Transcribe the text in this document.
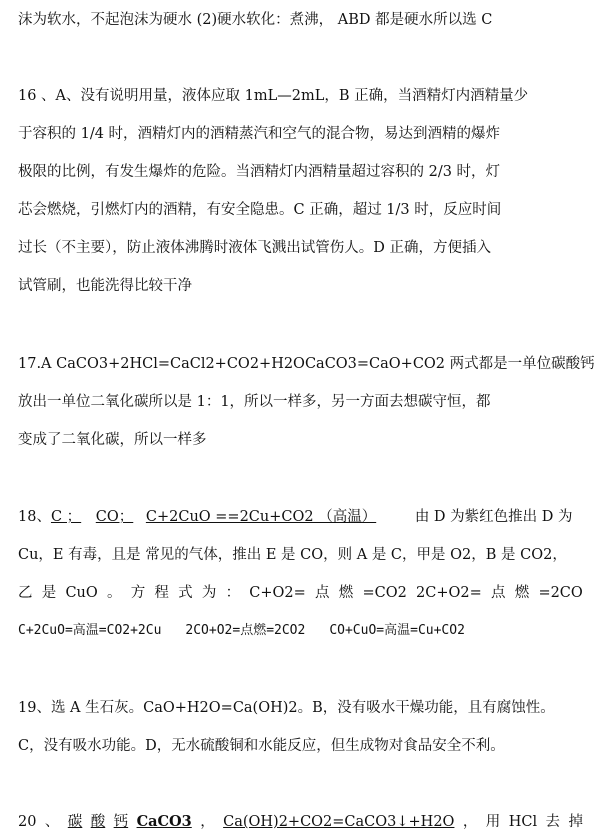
沫为软水，不起泡沫为硬水 (2)硬水软化：煮沸， ABD 都是硬水所以选 C
16 、A、没有说明用量，液体应取 1mL—2mL，B 正确，当酒精灯内酒精量少
于容积的 1/4 时，酒精灯内的酒精蒸汽和空气的混合物，易达到酒精的爆炸
极限的比例，有发生爆炸的危险。当酒精灯内酒精量超过容积的 2/3 时，灯
芯会燃烧，引燃灯内的酒精，有安全隐患。C 正确，超过 1/3 时，反应时间
过长（不主要），防止液体沸腾时液体飞溅出试管伤人。D 正确，方便插入
试管刷，也能洗得比较干净
17.A CaCO3+2HCl=CaCl2+CO2+H2OCaCO3=CaO+CO2 两式都是一单位碳酸钙
放出一单位二氧化碳所以是 1：1，所以一样多，另一方面去想碳守恒，都
变成了二氧化碳，所以一样多
18、C ； CO； C+2CuO ==2Cu+CO2 （高温）	由 D 为紫红色推出 D 为
Cu，E 有毒，且是 常见的气体，推出 E 是 CO，则 A 是 C，甲是 O2，B 是 CO2，
乙 是 CuO 。 方 程 式 为 ： C+O2= 点 燃 =CO2 2C+O2= 点 燃 =2CO
C+2CuO=高温=CO2+2Cu 2CO+O2=点燃=2CO2 CO+CuO=高温=Cu+CO2
19、选 A 生石灰。CaO+H2O=Ca(OH)2。B，没有吸水干燥功能，且有腐蚀性。
C，没有吸水功能。D，无水硫酸铜和水能反应，但生成物对食品安全不利。
20 、 碳 酸 钙 CaCO3 ， Ca(OH)2+CO2=CaCO3↓+H2O ， 用 HCl 去 掉
